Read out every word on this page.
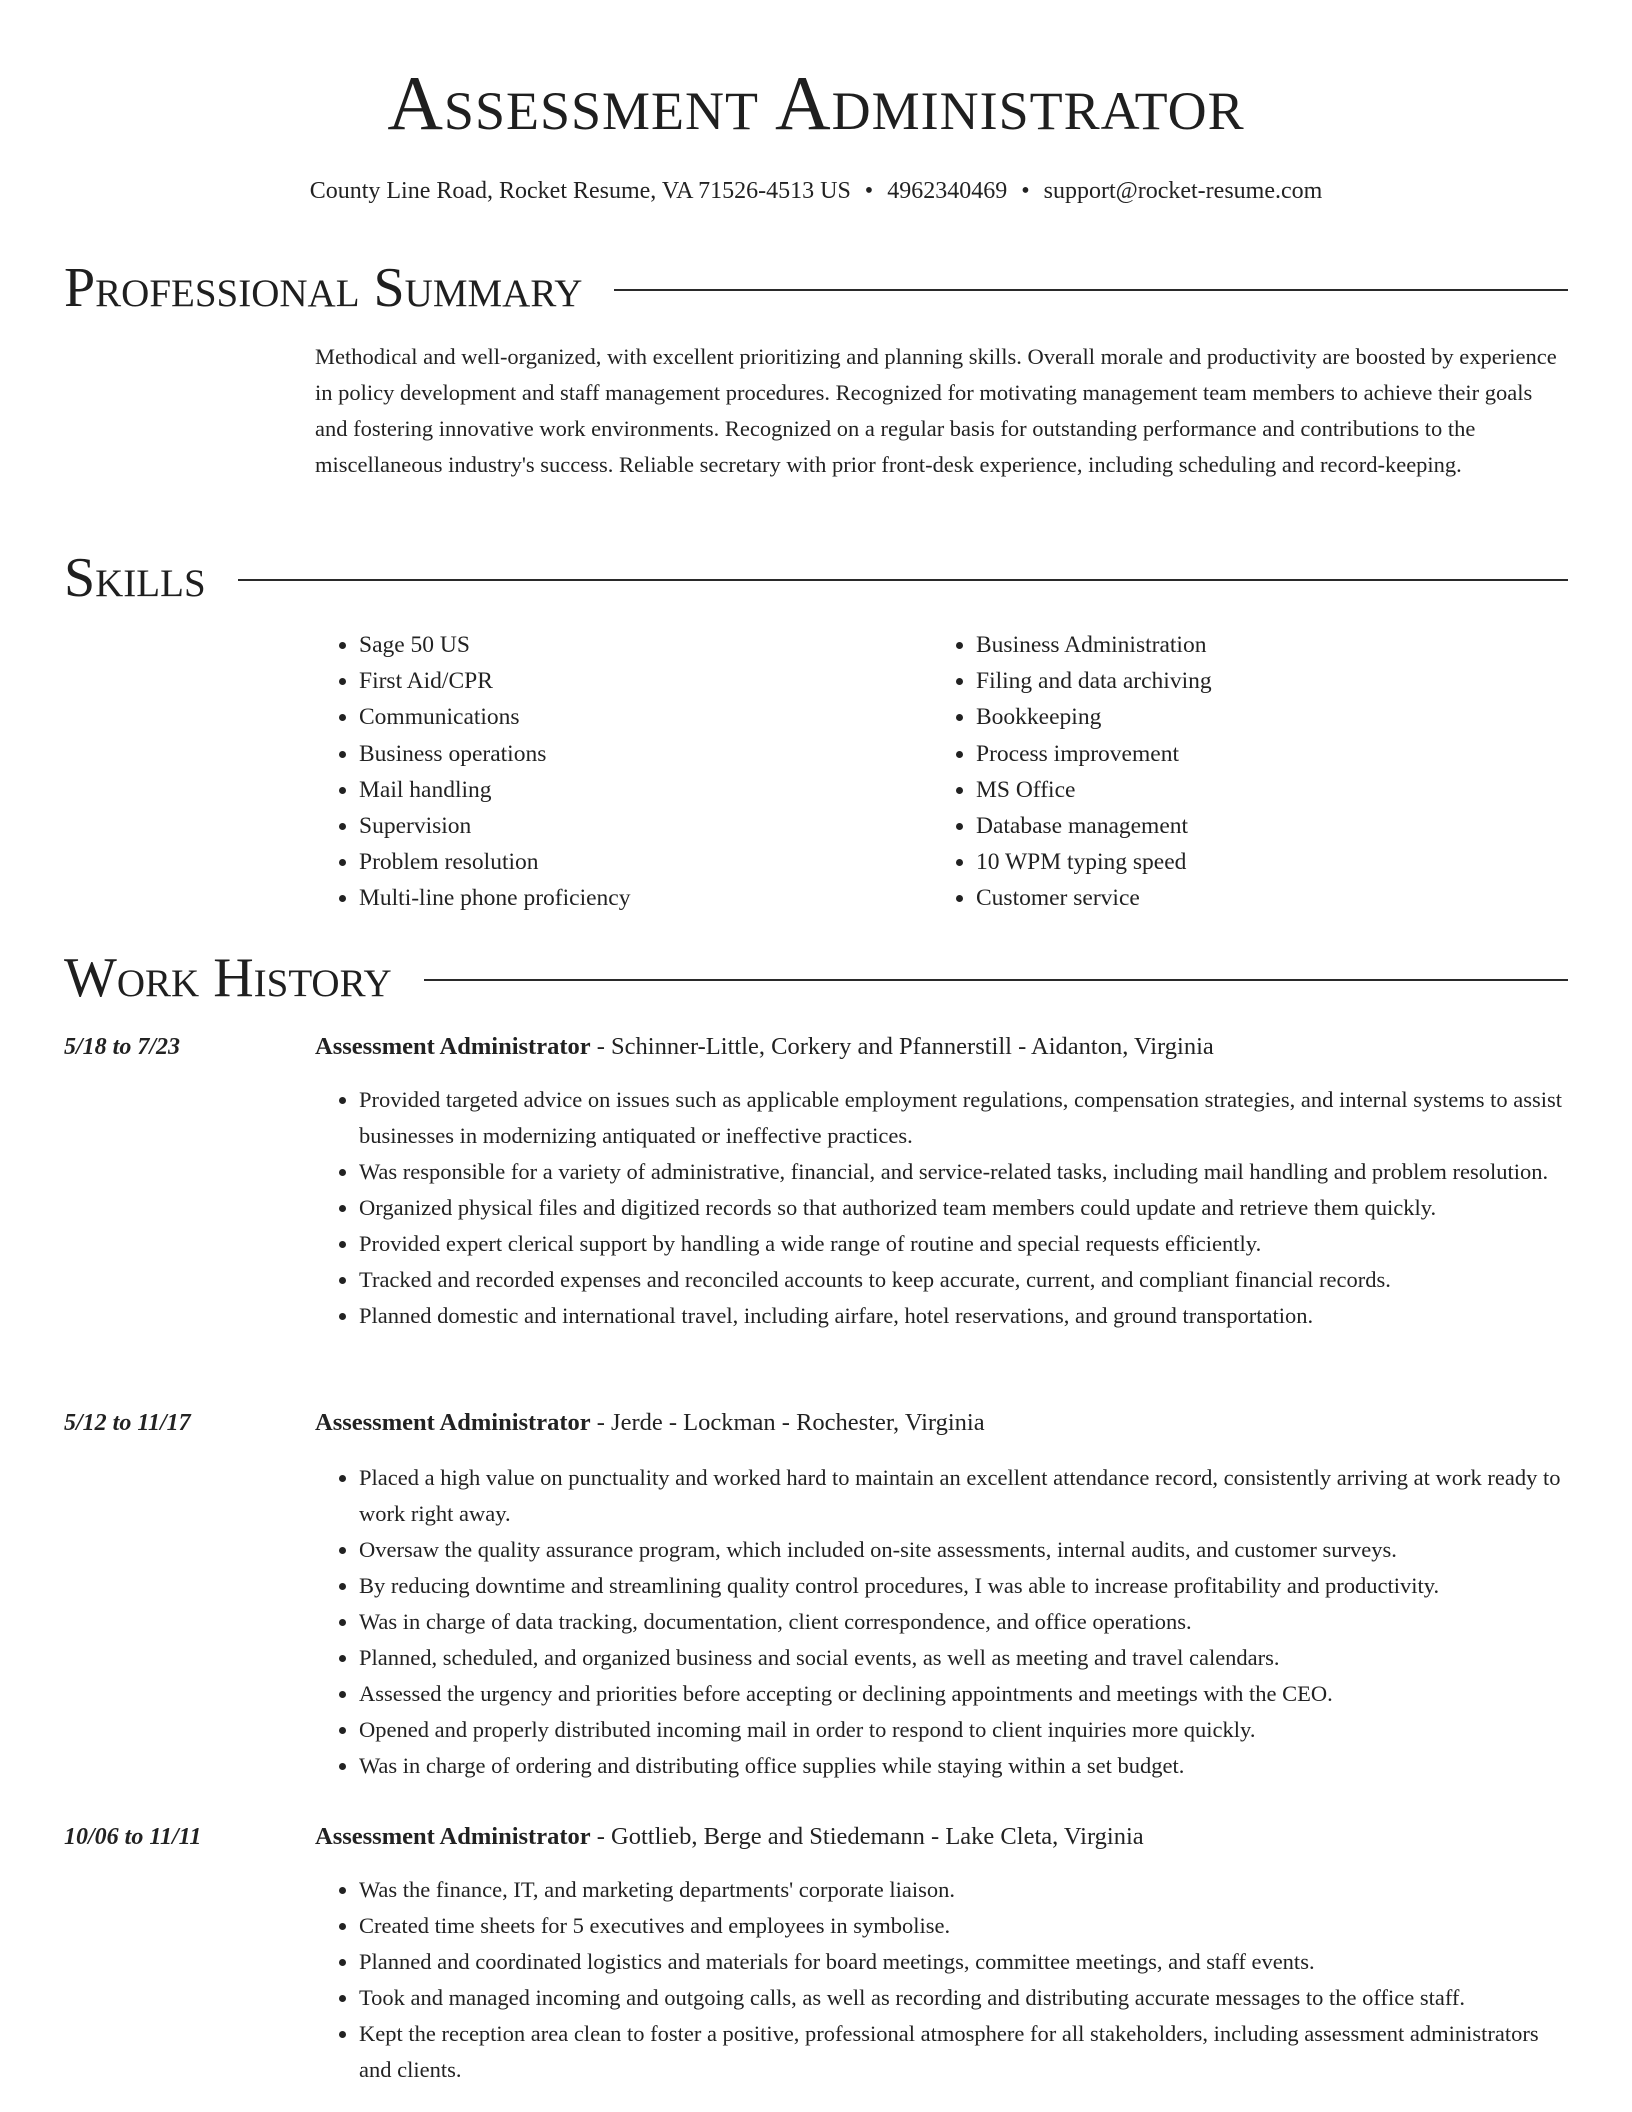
Assessment Administrator
County Line Road, Rocket Resume, VA 71526-4513 US • 4962340469 • support@rocket-resume.com
Professional Summary

Methodical and well-organized, with excellent prioritizing and planning skills. Overall morale and productivity are boosted by experience in policy development and staff management procedures. Recognized for motivating management team members to achieve their goals and fostering innovative work environments. Recognized on a regular basis for outstanding performance and contributions to the miscellaneous industry's success. Reliable secretary with prior front-desk experience, including scheduling and record-keeping.

Skills
• Sage 50 US
• First Aid/CPR
• Communications
• Business operations
• Mail handling
• Supervision
• Problem resolution
• Multi-line phone proficiency
• Business Administration
• Filing and data archiving
• Bookkeeping
• Process improvement
• MS Office
• Database management
• 10 WPM typing speed
• Customer service
Work History
5/18 to 7/23	Assessment Administrator - Schinner-Little, Corkery and Pfannerstill - Aidanton, Virginia
• Provided targeted advice on issues such as applicable employment regulations, compensation strategies, and internal systems to assist businesses in modernizing antiquated or ineffective practices.
• Was responsible for a variety of administrative, financial, and service-related tasks, including mail handling and problem resolution.
• Organized physical files and digitized records so that authorized team members could update and retrieve them quickly.
• Provided expert clerical support by handling a wide range of routine and special requests efficiently.
• Tracked and recorded expenses and reconciled accounts to keep accurate, current, and compliant financial records.
• Planned domestic and international travel, including airfare, hotel reservations, and ground transportation.
5/12 to 11/17	Assessment Administrator - Jerde - Lockman - Rochester, Virginia
• Placed a high value on punctuality and worked hard to maintain an excellent attendance record, consistently arriving at work ready to work right away.
• Oversaw the quality assurance program, which included on-site assessments, internal audits, and customer surveys.
• By reducing downtime and streamlining quality control procedures, I was able to increase profitability and productivity.
• Was in charge of data tracking, documentation, client correspondence, and office operations.
• Planned, scheduled, and organized business and social events, as well as meeting and travel calendars.
• Assessed the urgency and priorities before accepting or declining appointments and meetings with the CEO.
• Opened and properly distributed incoming mail in order to respond to client inquiries more quickly.
• Was in charge of ordering and distributing office supplies while staying within a set budget.
10/06 to 11/11	Assessment Administrator - Gottlieb, Berge and Stiedemann - Lake Cleta, Virginia
• Was the finance, IT, and marketing departments' corporate liaison.
• Created time sheets for 5 executives and employees in symbolise.
• Planned and coordinated logistics and materials for board meetings, committee meetings, and staff events.
• Took and managed incoming and outgoing calls, as well as recording and distributing accurate messages to the office staff.
• Kept the reception area clean to foster a positive, professional atmosphere for all stakeholders, including assessment administrators and clients.
